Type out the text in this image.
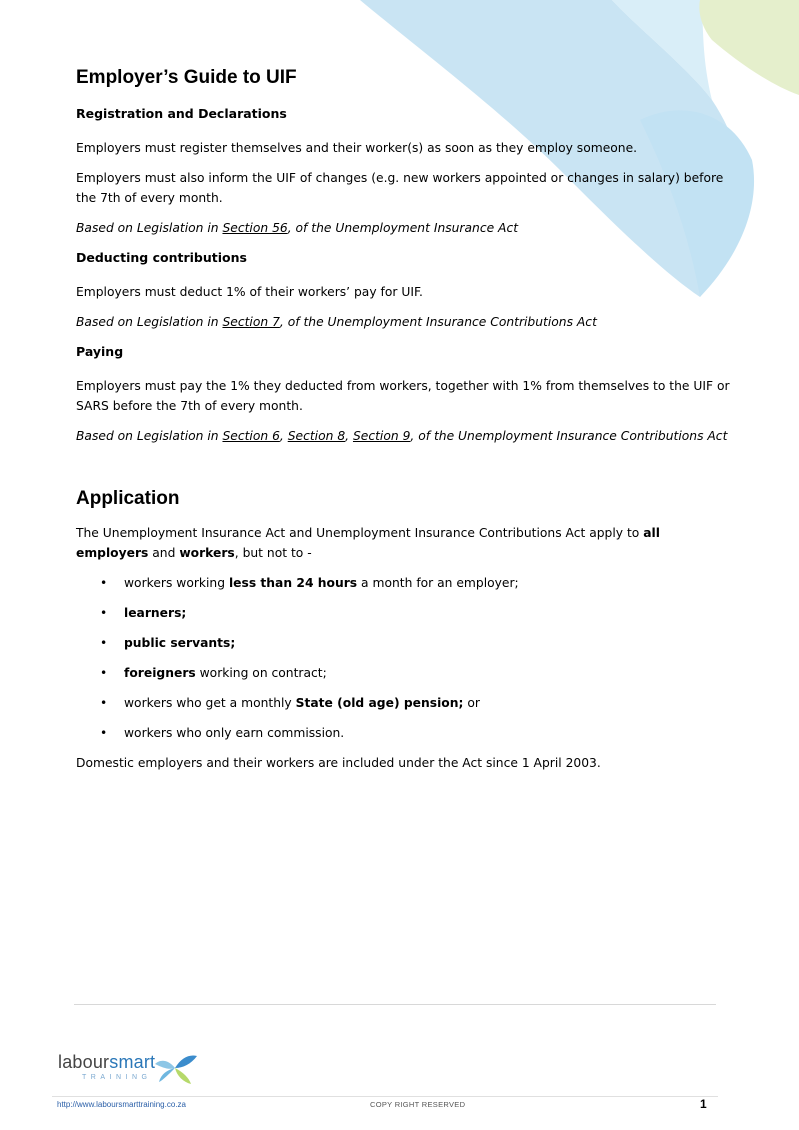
Employer’s Guide to UIF
Registration and Declarations

Employers must register themselves and their worker(s) as soon as they employ someone.

Employers must also inform the UIF of changes (e.g. new workers appointed or changes in salary) before the 7th of every month.

Based on Legislation in Section 56, of the Unemployment Insurance Act

Deducting contributions

Employers must deduct 1% of their workers’ pay for UIF.

Based on Legislation in Section 7, of the Unemployment Insurance Contributions Act

Paying

Employers must pay the 1% they deducted from workers, together with 1% from themselves to the UIF or SARS before the 7th of every month.

Based on Legislation in Section 6, Section 8, Section 9, of the Unemployment Insurance Contributions Act

Application

The Unemployment Insurance Act and Unemployment Insurance Contributions Act apply to all employers and workers, but not to -

• workers working less than 24 hours a month for an employer;
• learners;
• public servants;
• foreigners working on contract;
• workers who get a monthly State (old age) pension; or
• workers who only earn commission.

Domestic employers and their workers are included under the Act since 1 April 2003.

laboursmart
TRAINING
http://www.laboursmarttraining.co.za	COPY RIGHT RESERVED	1
